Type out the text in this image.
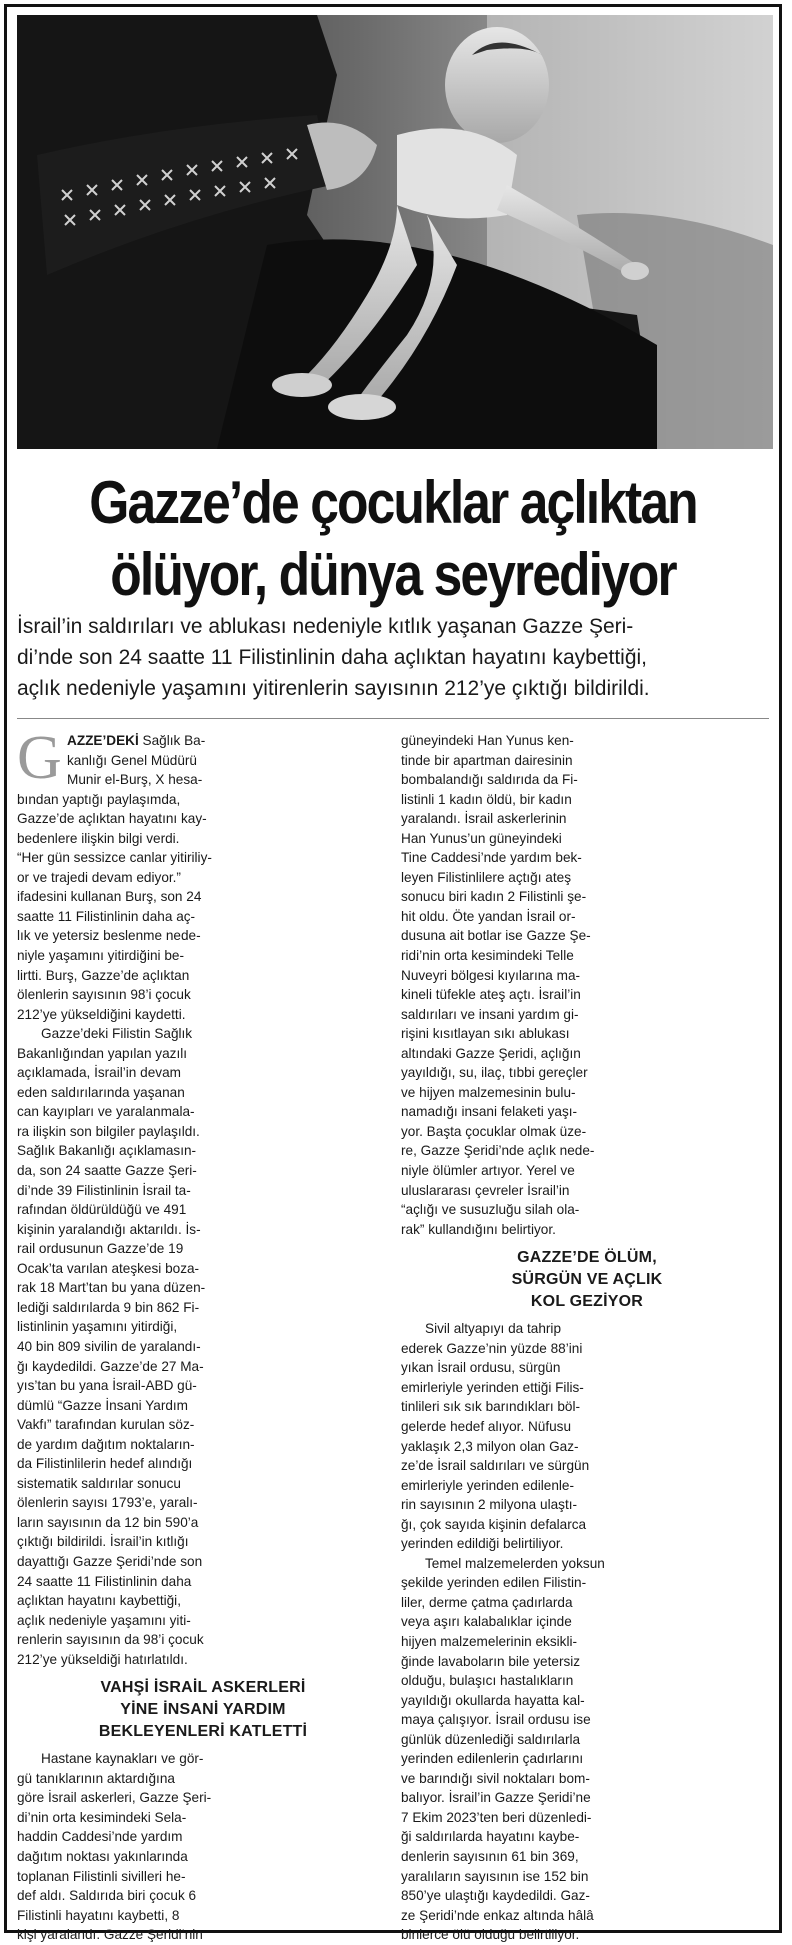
Gazze’de çocuklar açlıktan
ölüyor, dünya seyrediyor
İsrail’in saldırıları ve ablukası nedeniyle kıtlık yaşanan Gazze Şeri-
di’nde son 24 saatte 11 Filistinlinin daha açlıktan hayatını kaybettiği,
açlık nedeniyle yaşamını yitirenlerin sayısının 212’ye çıktığı bildirildi.
G AZZE’DEKİ Sağlık Ba-
kanlığı Genel Müdürü
Munir el-Burş, X hesa-
bından yaptığı paylaşımda,
Gazze’de açlıktan hayatını kay-
bedenlere ilişkin bilgi verdi.
“Her gün sessizce canlar yitiriliy-
or ve trajedi devam ediyor.”
ifadesini kullanan Burş, son 24
saatte 11 Filistinlinin daha aç-
lık ve yetersiz beslenme nede-
niyle yaşamını yitirdiğini be-
lirtti. Burş, Gazze’de açlıktan
ölenlerin sayısının 98’i çocuk
212’ye yükseldiğini kaydetti.
Gazze’deki Filistin Sağlık
Bakanlığından yapılan yazılı
açıklamada, İsrail’in devam
eden saldırılarında yaşanan
can kayıpları ve yaralanmala-
ra ilişkin son bilgiler paylaşıldı.
Sağlık Bakanlığı açıklamasın-
da, son 24 saatte Gazze Şeri-
di’nde 39 Filistinlinin İsrail ta-
rafından öldürüldüğü ve 491
kişinin yaralandığı aktarıldı. İs-
rail ordusunun Gazze’de 19
Ocak’ta varılan ateşkesi boza-
rak 18 Mart’tan bu yana düzen-
lediği saldırılarda 9 bin 862 Fi-
listinlinin yaşamını yitirdiği,
40 bin 809 sivilin de yaralandı-
ğı kaydedildi. Gazze’de 27 Ma-
yıs’tan bu yana İsrail-ABD gü-
dümlü “Gazze İnsani Yardım
Vakfı” tarafından kurulan söz-
de yardım dağıtım noktaların-
da Filistinlilerin hedef alındığı
sistematik saldırılar sonucu
ölenlerin sayısı 1793’e, yaralı-
ların sayısının da 12 bin 590’a
çıktığı bildirildi. İsrail’in kıtlığı
dayattığı Gazze Şeridi’nde son
24 saatte 11 Filistinlinin daha
açlıktan hayatını kaybettiği,
açlık nedeniyle yaşamını yiti-
renlerin sayısının da 98’i çocuk
212’ye yükseldiği hatırlatıldı.
VAHŞİ İSRAİL ASKERLERİ
YİNE İNSANİ YARDIM
BEKLEYENLERİ KATLETTİ
Hastane kaynakları ve gör-
gü tanıklarının aktardığına
göre İsrail askerleri, Gazze Şeri-
di’nin orta kesimindeki Sela-
haddin Caddesi’nde yardım
dağıtım noktası yakınlarında
toplanan Filistinli sivilleri he-
def aldı. Saldırıda biri çocuk 6
Filistinli hayatını kaybetti, 8
kişi yaralandı. Gazze Şeridi’nin
güneyindeki Han Yunus ken-
tinde bir apartman dairesinin
bombalandığı saldırıda da Fi-
listinli 1 kadın öldü, bir kadın
yaralandı. İsrail askerlerinin
Han Yunus’un güneyindeki
Tine Caddesi’nde yardım bek-
leyen Filistinlilere açtığı ateş
sonucu biri kadın 2 Filistinli şe-
hit oldu. Öte yandan İsrail or-
dusuna ait botlar ise Gazze Şe-
ridi’nin orta kesimindeki Telle
Nuveyri bölgesi kıyılarına ma-
kineli tüfekle ateş açtı. İsrail’in
saldırıları ve insani yardım gi-
rişini kısıtlayan sıkı ablukası
altındaki Gazze Şeridi, açlığın
yayıldığı, su, ilaç, tıbbi gereçler
ve hijyen malzemesinin bulu-
namadığı insani felaketi yaşı-
yor. Başta çocuklar olmak üze-
re, Gazze Şeridi’nde açlık nede-
niyle ölümler artıyor. Yerel ve
uluslararası çevreler İsrail’in
“açlığı ve susuzluğu silah ola-
rak” kullandığını belirtiyor.
GAZZE’DE ÖLÜM,
SÜRGÜN VE AÇLIK
KOL GEZİYOR
Sivil altyapıyı da tahrip
ederek Gazze’nin yüzde 88’ini
yıkan İsrail ordusu, sürgün
emirleriyle yerinden ettiği Filis-
tinlileri sık sık barındıkları böl-
gelerde hedef alıyor. Nüfusu
yaklaşık 2,3 milyon olan Gaz-
ze’de İsrail saldırıları ve sürgün
emirleriyle yerinden edilenle-
rin sayısının 2 milyona ulaştı-
ğı, çok sayıda kişinin defalarca
yerinden edildiği belirtiliyor.
Temel malzemelerden yoksun
şekilde yerinden edilen Filistin-
liler, derme çatma çadırlarda
veya aşırı kalabalıklar içinde
hijyen malzemelerinin eksikli-
ğinde lavaboların bile yetersiz
olduğu, bulaşıcı hastalıkların
yayıldığı okullarda hayatta kal-
maya çalışıyor. İsrail ordusu ise
günlük düzenlediği saldırılarla
yerinden edilenlerin çadırlarını
ve barındığı sivil noktaları bom-
balıyor. İsrail’in Gazze Şeridi’ne
7 Ekim 2023’ten beri düzenledi-
ği saldırılarda hayatını kaybe-
denlerin sayısının 61 bin 369,
yaralıların sayısının ise 152 bin
850’ye ulaştığı kaydedildi. Gaz-
ze Şeridi’nde enkaz altında hâlâ
binlerce ölü olduğu belirtiliyor.
